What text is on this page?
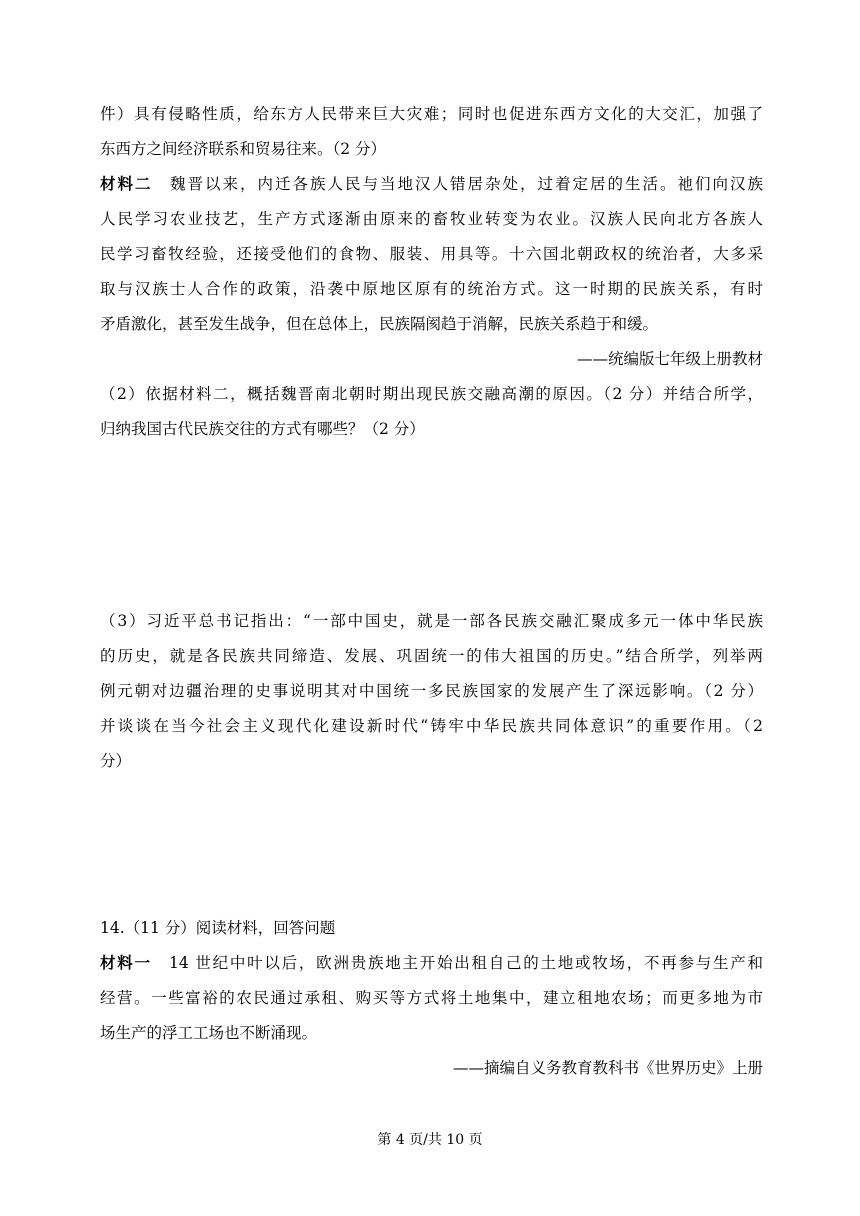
件）具有侵略性质，给东方人民带来巨大灾难；同时也促进东西方文化的大交汇，加强了
东西方之间经济联系和贸易往来。（2 分）
材料二　魏晋以来，内迁各族人民与当地汉人错居杂处，过着定居的生活。祂们向汉族
人民学习农业技艺，生产方式逐渐由原来的畜牧业转变为农业。汉族人民向北方各族人
民学习畜牧经验，还接受他们的食物、服装、用具等。十六国北朝政权的统治者，大多采
取与汉族士人合作的政策，沿袭中原地区原有的统治方式。这一时期的民族关系，有时
矛盾激化，甚至发生战争，但在总体上，民族隔阂趋于消解，民族关系趋于和缓。
——统编版七年级上册教材
（2）依据材料二，概括魏晋南北朝时期出现民族交融高潮的原因。（2 分）并结合所学，
归纳我国古代民族交往的方式有哪些？（2 分）
（3）习近平总书记指出：“一部中国史，就是一部各民族交融汇聚成多元一体中华民族
的历史，就是各民族共同缔造、发展、巩固统一的伟大祖国的历史。”结合所学，列举两
例元朝对边疆治理的史事说明其对中国统一多民族国家的发展产生了深远影响。（2 分）
并谈谈在当今社会主义现代化建设新时代“铸牢中华民族共同体意识”的重要作用。（2
分）
14.（11 分）阅读材料，回答问题
材料一　14 世纪中叶以后，欧洲贵族地主开始出租自己的土地或牧场，不再参与生产和
经营。一些富裕的农民通过承租、购买等方式将土地集中，建立租地农场；而更多地为市
场生产的浮工工场也不断涌现。
——摘编自义务教育教科书《世界历史》上册
第 4 页/共 10 页
